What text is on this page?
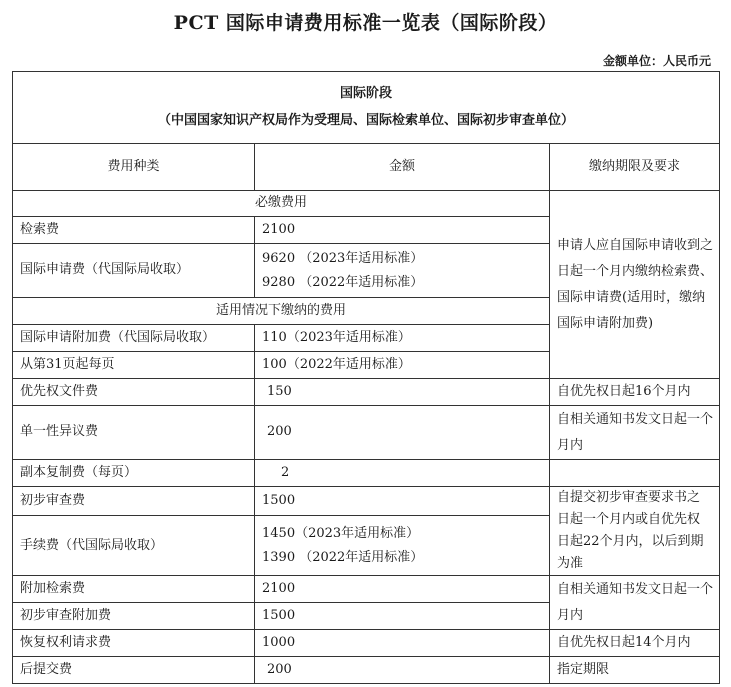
PCT 国际申请费用标准一览表（国际阶段）
金额单位：人民币元
国际阶段
（中国国家知识产权局作为受理局、国际检索单位、国际初步审查单位）		

费用种类	金额	缴纳期限及要求
必缴费用		申请人应自国际申请收到之日起一个月内缴纳检索费、国际申请费(适用时，缴纳国际申请附加费)
检索费	2100	
国际申请费（代国际局收取）	9620 （2023年适用标准）
9280 （2022年适用标准）	

适用情况下缴纳的费用		
国际申请附加费（代国际局收取）	110（2023年适用标准）	
从第31页起每页	100（2022年适用标准）	
优先权文件费	150	自优先权日起16个月内
单一性异议费	200	自相关通知书发文日起一个月内
副本复制费（每页）	2	
初步审查费	1500	自提交初步审查要求书之日起一个月内或自优先权日起22个月内，以后到期为准
手续费（代国际局收取）	1450（2023年适用标准）
1390 （2022年适用标准）	

附加检索费	2100	自相关通知书发文日起一个月内
初步审查附加费	1500	
恢复权利请求费	1000	自优先权日起14个月内
后提交费	200	指定期限
